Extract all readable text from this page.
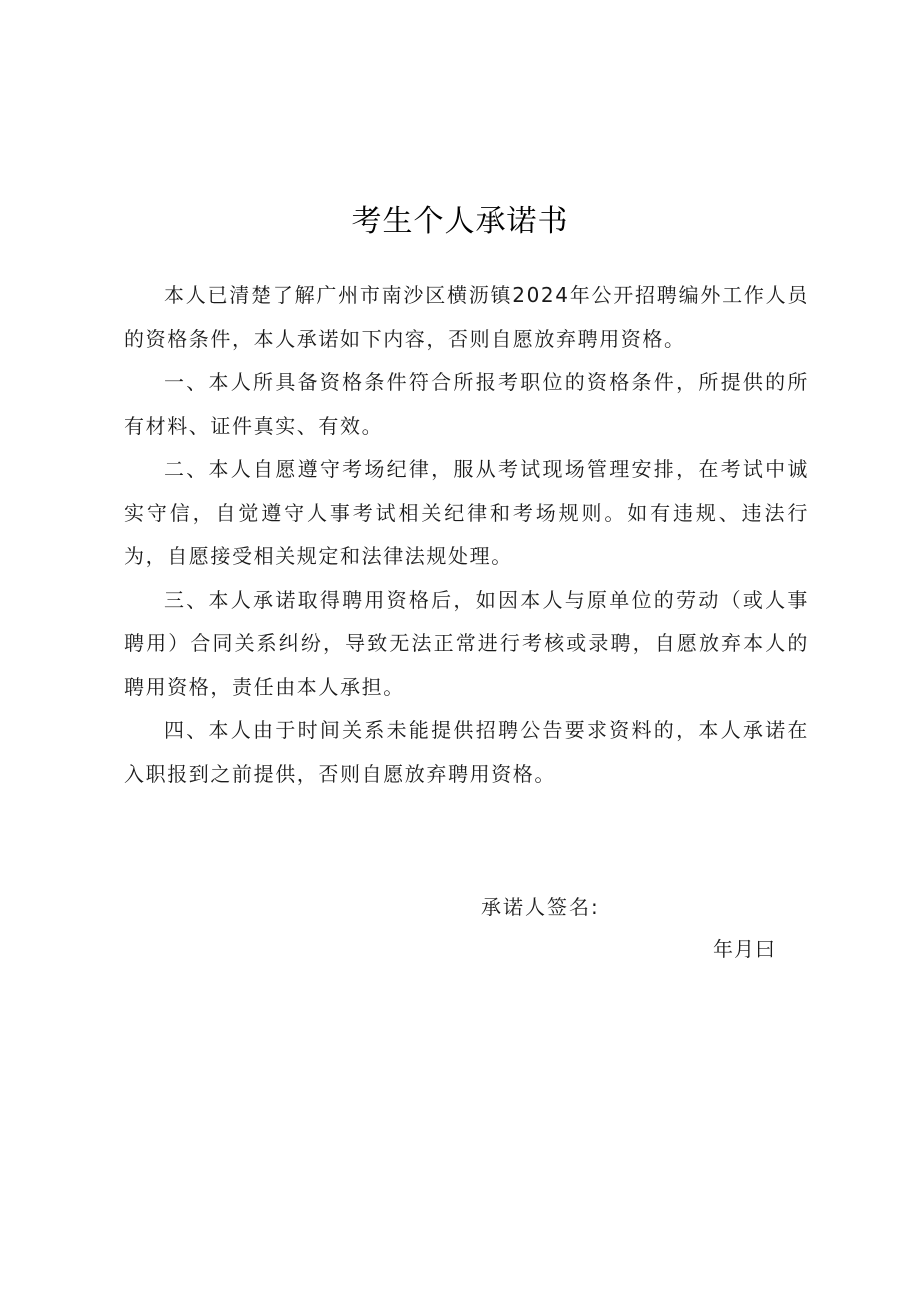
考生个人承诺书

本人已清楚了解广州市南沙区横沥镇2024年公开招聘编外工作人员的资格条件，本人承诺如下内容，否则自愿放弃聘用资格。

一、本人所具备资格条件符合所报考职位的资格条件，所提供的所有材料、证件真实、有效。

二、本人自愿遵守考场纪律，服从考试现场管理安排，在考试中诚实守信，自觉遵守人事考试相关纪律和考场规则。如有违规、违法行为，自愿接受相关规定和法律法规处理。

三、本人承诺取得聘用资格后，如因本人与原单位的劳动（或人事聘用）合同关系纠纷，导致无法正常进行考核或录聘，自愿放弃本人的聘用资格，责任由本人承担。

四、本人由于时间关系未能提供招聘公告要求资料的，本人承诺在入职报到之前提供，否则自愿放弃聘用资格。

承诺人签名:
年月曰
